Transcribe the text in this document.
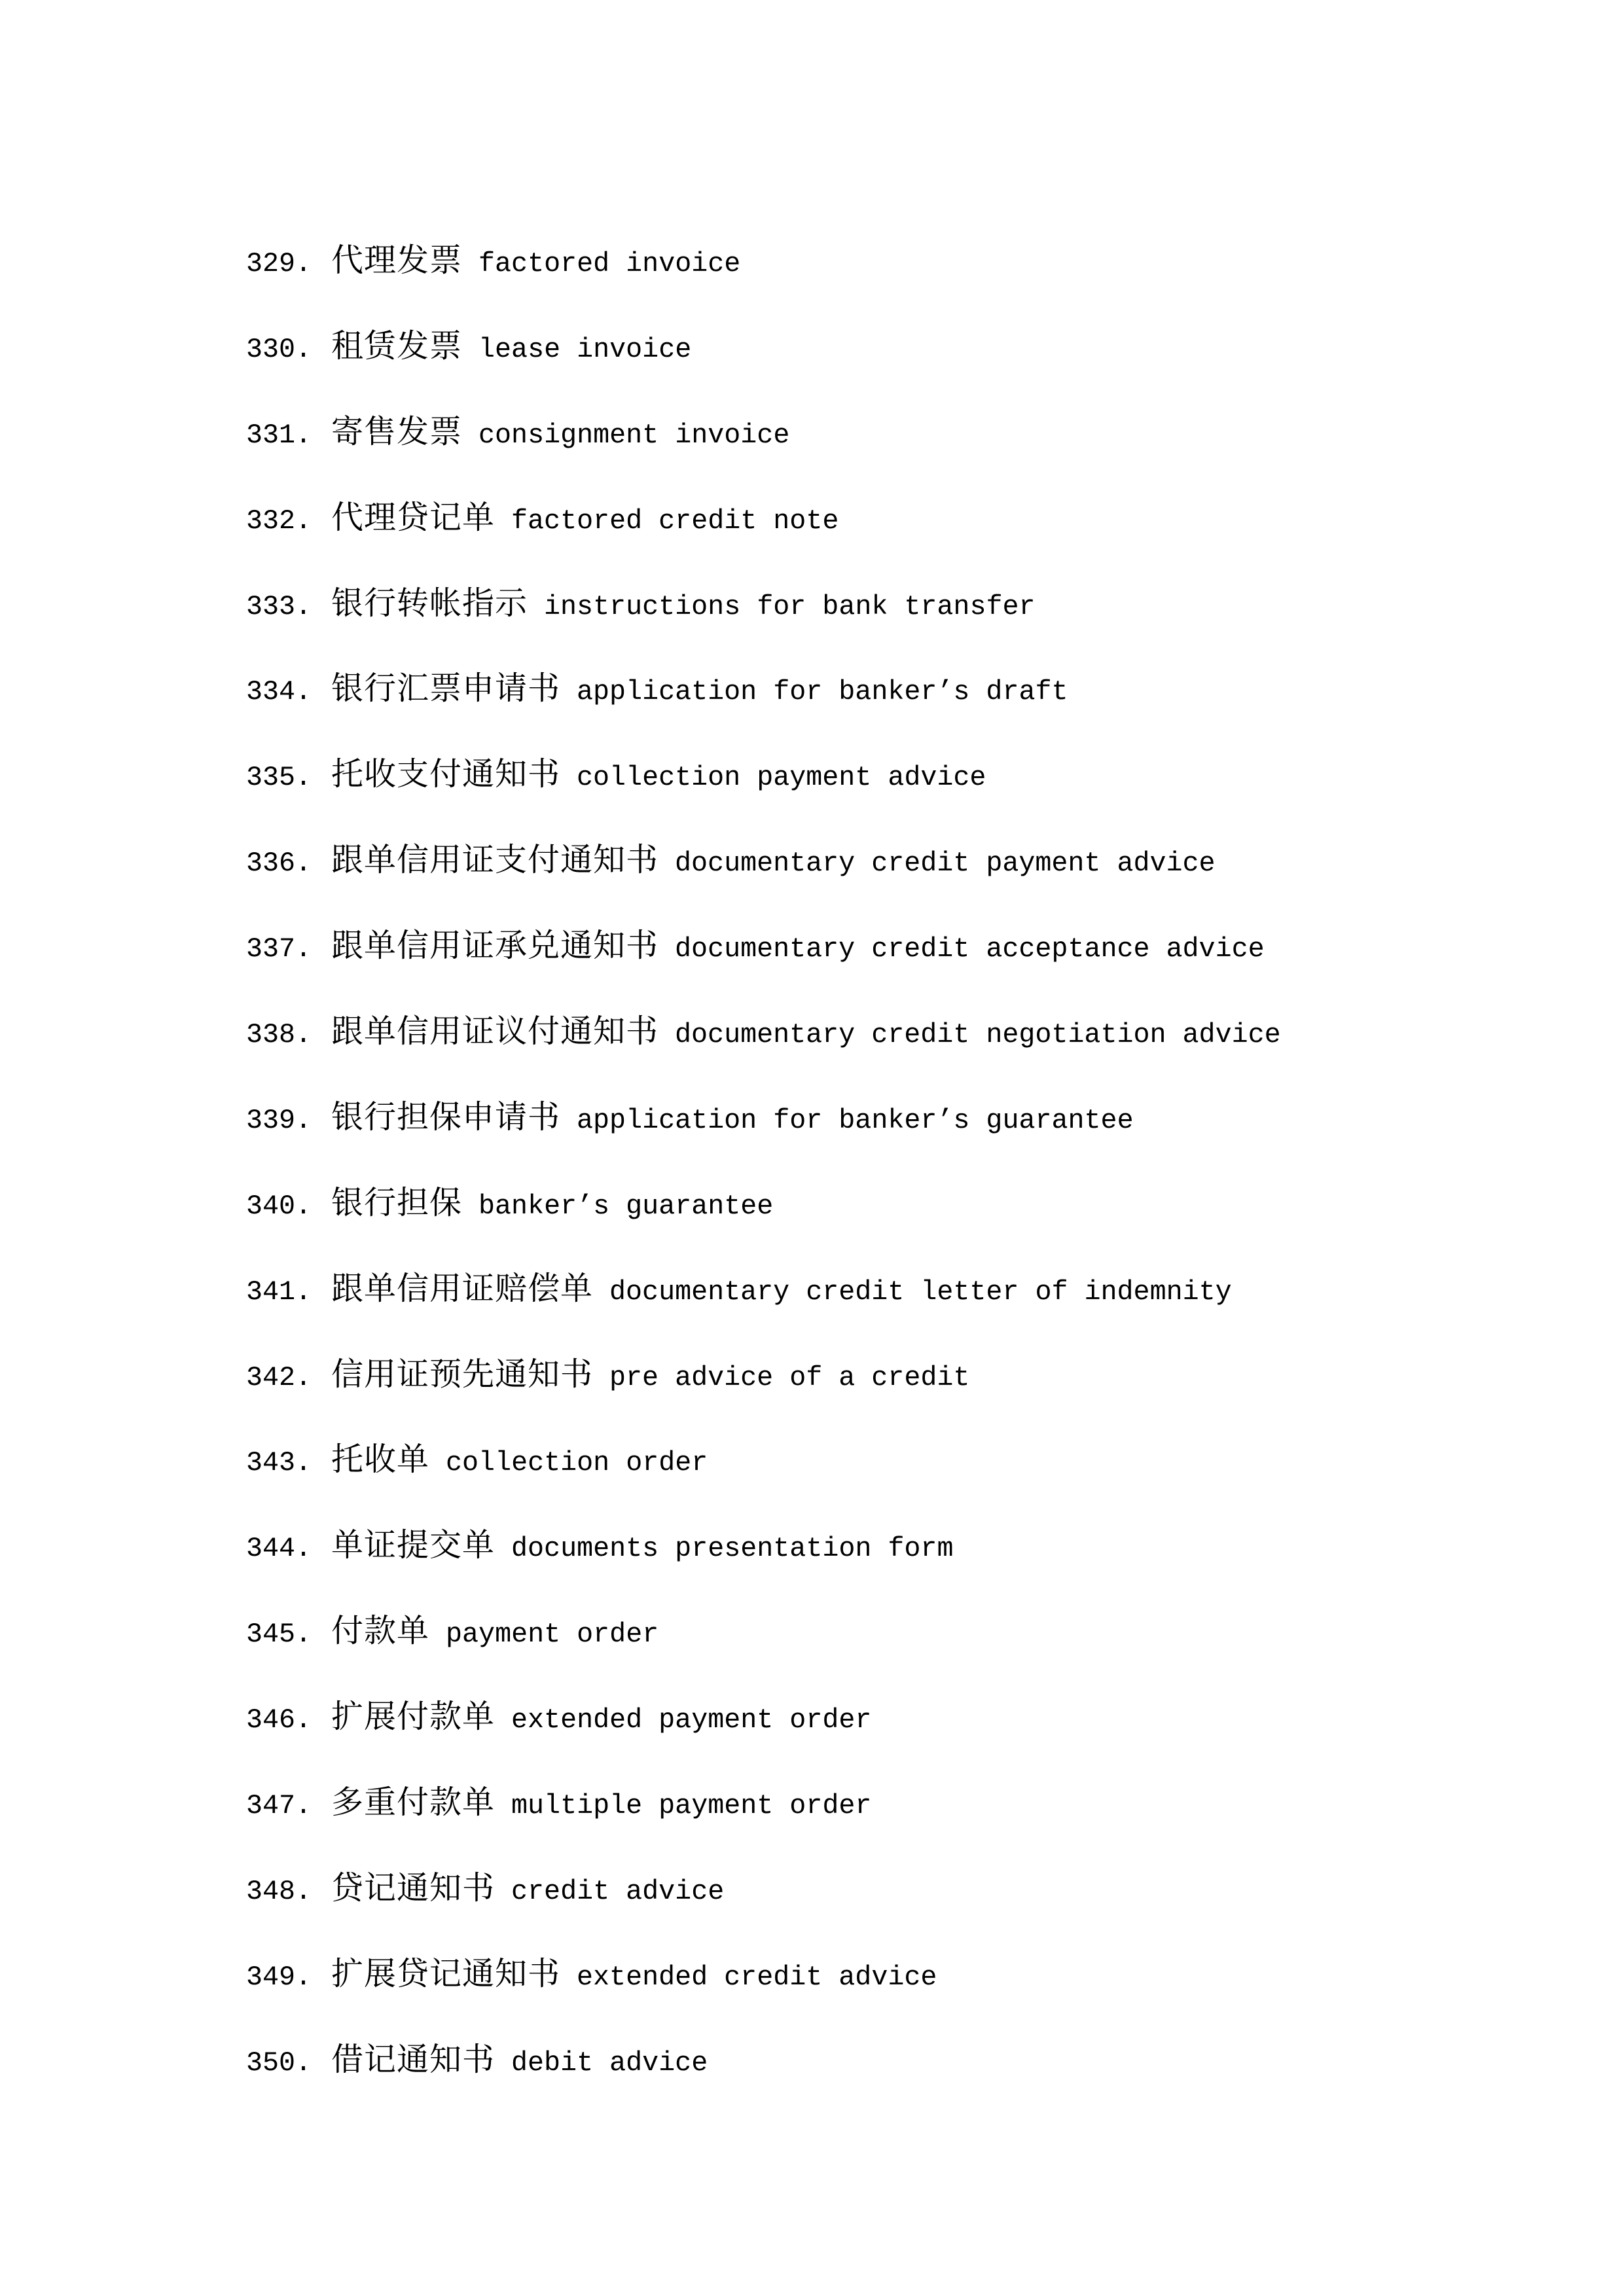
329. 代理发票 factored invoice
330. 租赁发票 lease invoice
331. 寄售发票 consignment invoice
332. 代理贷记单 factored credit note
333. 银行转帐指示 instructions for bank transfer
334. 银行汇票申请书 application for banker’s draft
335. 托收支付通知书 collection payment advice
336. 跟单信用证支付通知书 documentary credit payment advice
337. 跟单信用证承兑通知书 documentary credit acceptance advice
338. 跟单信用证议付通知书 documentary credit negotiation advice
339. 银行担保申请书 application for banker’s guarantee
340. 银行担保 banker’s guarantee
341. 跟单信用证赔偿单 documentary credit letter of indemnity
342. 信用证预先通知书 pre advice of a credit
343. 托收单 collection order
344. 单证提交单 documents presentation form
345. 付款单 payment order
346. 扩展付款单 extended payment order
347. 多重付款单 multiple payment order
348. 贷记通知书 credit advice
349. 扩展贷记通知书 extended credit advice
350. 借记通知书 debit advice
